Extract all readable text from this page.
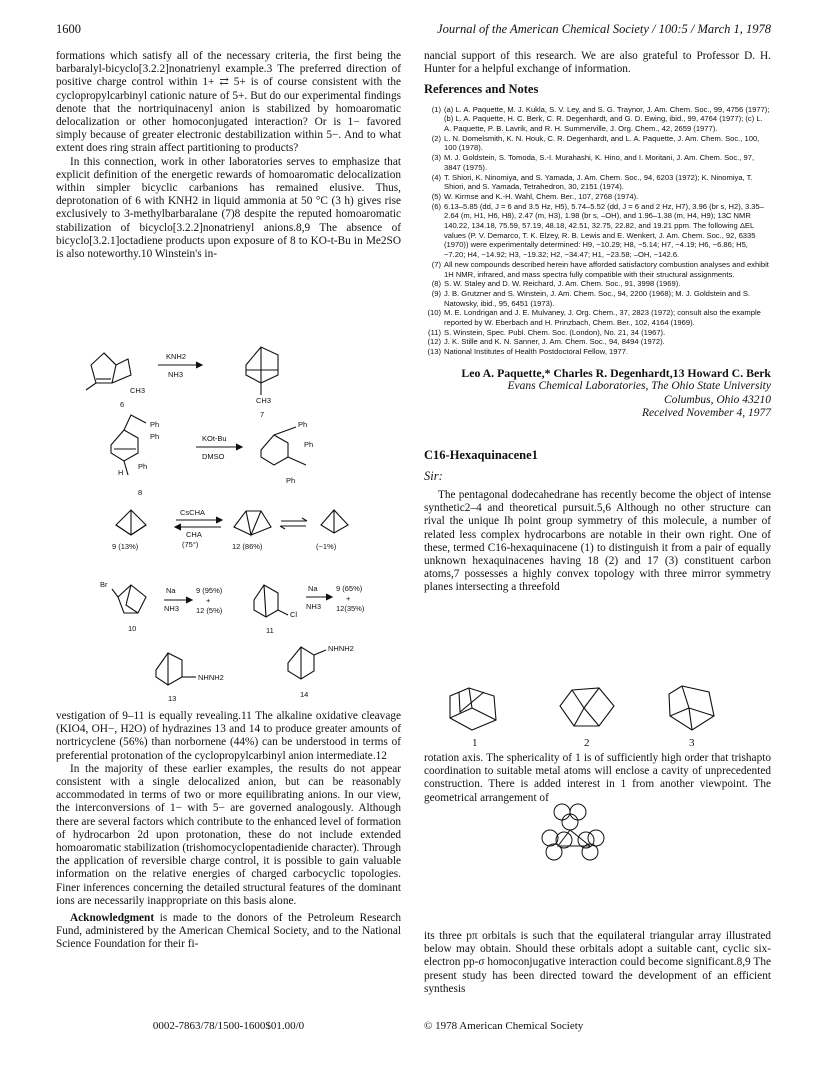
1600	Journal of the American Chemical Society / 100:5 / March 1, 1978

formations which satisfy all of the necessary criteria, the first being the barbaralyl-bicyclo[3.2.2]nonatrienyl example.3 The preferred direction of positive charge control within 1+ ⇄ 5+ is of course consistent with the cyclopropylcarbinyl cationic nature of 5+. But do our experimental findings denote that the nortriquinacenyl anion is stabilized by homoaromatic delocalization or other homoconjugated interaction? Or is 1− favored simply because of greater electronic destabilization within 5−. And to what extent does ring strain affect partitioning to products?

In this connection, work in other laboratories serves to emphasize that explicit definition of the energetic rewards of homoaromatic delocalization within simpler bicyclic carbanions has remained elusive. Thus, deprotonation of 6 with KNH2 in liquid ammonia at 50 °C (3 h) gives rise exclusively to 3-methylbarbaralane (7)8 despite the reputed homoaromatic stabilization of bicyclo[3.2.2]nonatrienyl anions.8,9 The absence of bicyclo[3.2.1]octadiene products upon exposure of 8 to KO-t-Bu in Me2SO is also noteworthy.10 Winstein's in-

KNH2
NH3
CH3
6	CH3
7
KOt-Bu
DMSO
Ph
Ph
Ph
H
Ph
Ph
Ph
8
CsCHA
CHA
(75°)
9 (13%)	12 (86%)	(~1%)
Br
Na
NH3
9 (95%)
+
12 (5%)
10
Cl
11
Na
NH3
9 (65%)
+
12(35%)
NHNH2
13
NHNH2
14

vestigation of 9–11 is equally revealing.11 The alkaline oxidative cleavage (KIO4, OH−, H2O) of hydrazines 13 and 14 to produce greater amounts of nortricyclene (56%) than norbornene (44%) can be understood in terms of preferential protonation of the cyclopropylcarbinyl anion intermediate.12

In the majority of these earlier examples, the results do not appear consistent with a single delocalized anion, but can be reasonably accommodated in terms of two or more equilibrating anions. In our view, the interconversions of 1− with 5− are governed analogously. Although there are several factors which contribute to the enhanced level of formation of hydrocarbon 2d upon protonation, these do not include extended homoaromatic stabilization (trishomocyclopentadienide character). Through the application of reversible charge control, it is possible to gain valuable information on the relative energies of charged carbocyclic topologies. Finer inferences concerning the detailed structural features of the dominant ions are necessarily inappropriate on this basis alone.

Acknowledgment is made to the donors of the Petroleum Research Fund, administered by the American Chemical Society, and to the National Science Foundation for their fi-

nancial support of this research. We are also grateful to Professor D. H. Hunter for a helpful exchange of information.

References and Notes
(1) (a) L. A. Paquette, M. J. Kukla, S. V. Ley, and S. G. Traynor, J. Am. Chem. Soc., 99, 4756 (1977); (b) L. A. Paquette, H. C. Berk, C. R. Degenhardt, and G. D. Ewing, ibid., 99, 4764 (1977); (c) L. A. Paquette, P. B. Lavrik, and R. H. Summerville, J. Org. Chem., 42, 2659 (1977).
(2) L. N. Domelsmith, K. N. Houk, C. R. Degenhardt, and L. A. Paquette, J. Am. Chem. Soc., 100, 100 (1978).
(3) M. J. Goldstein, S. Tomoda, S.-I. Murahashi, K. Hino, and I. Moritani, J. Am. Chem. Soc., 97, 3847 (1975).
(4) T. Shiori, K. Ninomiya, and S. Yamada, J. Am. Chem. Soc., 94, 6203 (1972); K. Ninomiya, T. Shiori, and S. Yamada, Tetrahedron, 30, 2151 (1974).
(5) W. Kirmse and K.-H. Wahl, Chem. Ber., 107, 2768 (1974).
(6) 6.13–5.85 (dd, J = 6 and 3.5 Hz, H5), 5.74–5.52 (dd, J = 6 and 2 Hz, H7), 3.96 (br s, H2), 3.35–2.64 (m, H1, H6, H8), 2.47 (m, H3), 1.98 (br s, –OH), and 1.96–1.38 (m, H4, H9); 13C NMR 140.22, 134.18, 75.59, 57.19, 48.18, 42.51, 32.75, 22.82, and 19.21 ppm. The following ΔEL values (P. V. Demarco, T. K. Elzey, R. B. Lewis and E. Wenkert, J. Am. Chem. Soc., 92, 6335 (1970)) were experimentally determined: H9, −10.29; H8, −5.14; H7, −4.19; H6, −6.86; H5, −7.20; H4, −14.92; H3, −19.32; H2, −34.47; H1, −23.58; –OH, −142.6.
(7) All new compounds described herein have afforded satisfactory combustion analyses and exhibit 1H NMR, infrared, and mass spectra fully compatible with their structural assignments.
(8) S. W. Staley and D. W. Reichard, J. Am. Chem. Soc., 91, 3998 (1969).
(9) J. B. Grutzner and S. Winstein, J. Am. Chem. Soc., 94, 2200 (1968); M. J. Goldstein and S. Natowsky, ibid., 95, 6451 (1973).
(10) M. E. Londrigan and J. E. Mulvaney, J. Org. Chem., 37, 2823 (1972); consult also the example reported by W. Eberbach and H. Prinzbach, Chem. Ber., 102, 4164 (1969).
(11) S. Winstein, Spec. Publ. Chem. Soc. (London), No. 21, 34 (1967).
(12) J. K. Stille and K. N. Sanner, J. Am. Chem. Soc., 94, 8494 (1972).
(13) National Institutes of Health Postdoctoral Fellow, 1977.
Leo A. Paquette,* Charles R. Degenhardt,13 Howard C. Berk
Evans Chemical Laboratories, The Ohio State University
Columbus, Ohio 43210
Received November 4, 1977
C16-Hexaquinacene1
Sir:

The pentagonal dodecahedrane has recently become the object of intense synthetic2–4 and theoretical pursuit.5,6 Although no other structure can rival the unique Ih point group symmetry of this molecule, a number of related less complex hydrocarbons are notable in their own right. One of these, termed C16-hexaquinacene (1) to distinguish it from a pair of equally unknown hexaquinacenes having 18 (2) and 17 (3) constituent carbon atoms,7 possesses a highly convex topology with three mirror symmetry planes intersecting a threefold

1	2	3

rotation axis. The sphericality of 1 is of sufficiently high order that trishapto coordination to suitable metal atoms will enclose a cavity of unprecedented construction. There is added interest in 1 from another viewpoint. The geometrical arrangement of

its three pπ orbitals is such that the equilateral triangular array illustrated below may obtain. Should these orbitals adopt a suitable cant, cyclic six-electron pp-σ homoconjugative interaction could become significant.8,9 The present study has been directed toward the development of an efficient synthesis

0002-7863/78/1500-1600$01.00/0	© 1978 American Chemical Society
